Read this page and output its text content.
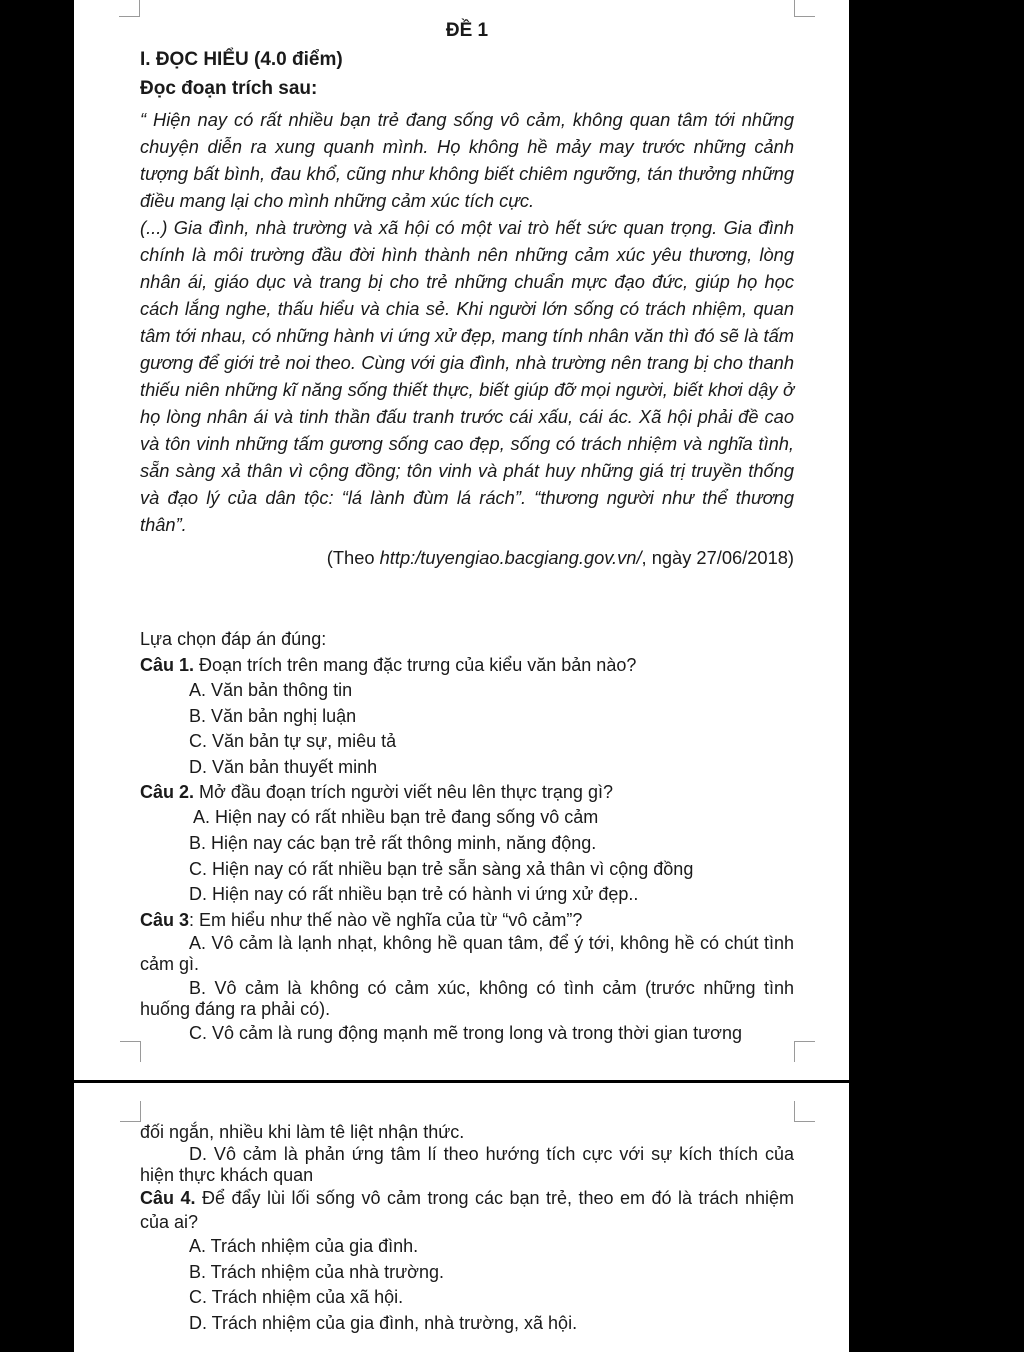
ĐỀ 1

I. ĐỌC HIỂU (4.0 điểm)

Đọc đoạn trích sau:

“ Hiện nay có rất nhiều bạn trẻ đang sống vô cảm, không quan tâm tới những chuyện diễn ra xung quanh mình. Họ không hề mảy may trước những cảnh tượng bất bình, đau khổ, cũng như không biết chiêm ngưỡng, tán thưởng những điều mang lại cho mình những cảm xúc tích cực.

(...) Gia đình, nhà trường và xã hội có một vai trò hết sức quan trọng. Gia đình chính là môi trường đầu đời hình thành nên những cảm xúc yêu thương, lòng nhân ái, giáo dục và trang bị cho trẻ những chuẩn mực đạo đức, giúp họ học cách lắng nghe, thấu hiểu và chia sẻ. Khi người lớn sống có trách nhiệm, quan tâm tới nhau, có những hành vi ứng xử đẹp, mang tính nhân văn thì đó sẽ là tấm gương để giới trẻ noi theo. Cùng với gia đình, nhà trường nên trang bị cho thanh thiếu niên những kĩ năng sống thiết thực, biết giúp đỡ mọi người, biết khơi dậy ở họ lòng nhân ái và tinh thần đấu tranh trước cái xấu, cái ác. Xã hội phải đề cao và tôn vinh những tấm gương sống cao đẹp, sống có trách nhiệm và nghĩa tình, sẵn sàng xả thân vì cộng đồng; tôn vinh và phát huy những giá trị truyền thống và đạo lý của dân tộc: “lá lành đùm lá rách”. “thương người như thể thương thân”.

(Theo http:/tuyengiao.bacgiang.gov.vn/, ngày 27/06/2018)

Lựa chọn đáp án đúng:

Câu 1. Đoạn trích trên mang đặc trưng của kiểu văn bản nào?

A. Văn bản thông tin

B. Văn bản nghị luận

C. Văn bản tự sự, miêu tả

D. Văn bản thuyết minh

Câu 2. Mở đầu đoạn trích người viết nêu lên thực trạng gì?

A. Hiện nay có rất nhiều bạn trẻ đang sống vô cảm

B. Hiện nay các bạn trẻ rất thông minh, năng động.

C. Hiện nay có rất nhiều bạn trẻ sẵn sàng xả thân vì cộng đồng

D. Hiện nay có rất nhiều bạn trẻ có hành vi ứng xử đẹp..

Câu 3: Em hiểu như thế nào về nghĩa của từ “vô cảm”?

A. Vô cảm là lạnh nhạt, không hề quan tâm, để ý tới, không hề có chút tình cảm gì.

B. Vô cảm là không có cảm xúc, không có tình cảm (trước những tình huống đáng ra phải có).

C. Vô cảm là rung động mạnh mẽ trong long và trong thời gian tương

đối ngắn, nhiều khi làm tê liệt nhận thức.

D. Vô cảm là phản ứng tâm lí theo hướng tích cực với sự kích thích của hiện thực khách quan

Câu 4. Để đẩy lùi lối sống vô cảm trong các bạn trẻ, theo em đó là trách nhiệm của ai?

A. Trách nhiệm của gia đình.

B. Trách nhiệm của nhà trường.

C. Trách nhiệm của xã hội.

D. Trách nhiệm của gia đình, nhà trường, xã hội.
